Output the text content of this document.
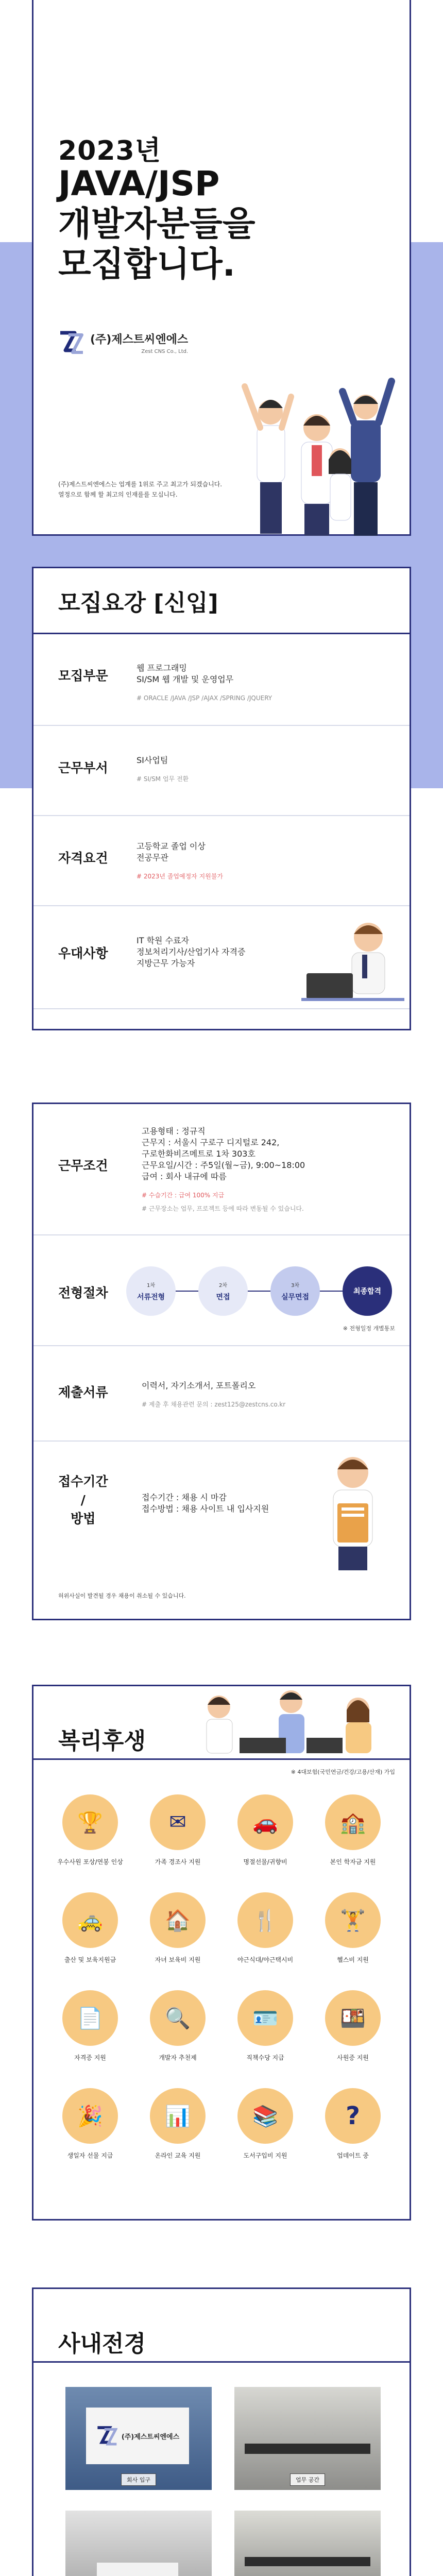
2023년
JAVA/JSP
개발자분들을
모집합니다.
(주)제스트씨엔에스
Zest CNS Co., Ltd.
(주)제스트씨엔에스는 업계를 1위로 주고 최고가 되겠습니다.
열정으로 함께 할 최고의 인재를를 모십니다.
모집요강 [신입]
모집부문
웹 프로그래밍
SI/SM 웹 개발 및 운영업무
# ORACLE /JAVA /JSP /AJAX /SPRING /JQUERY
근무부서
SI사업팀
# SI/SM 업무 전환
자격요건
고등학교 졸업 이상
전공무관
# 2023년 졸업예정자 지원불가
우대사항
IT 학원 수료자
정보처리기사/산업기사 자격증
지방근무 가능자
근무조건
고용형태 : 정규직
근무지 : 서울시 구로구 디지털로 242,
구로한화비즈메트로 1차 303호
근무요일/시간 : 주5일(월~금), 9:00~18:00
급여 : 회사 내규에 따름
# 수습기간 : 급여 100% 지급
# 근무장소는 업무, 프로젝트 등에 따라 변동될 수 있습니다.
전형절차	1차
서류전형
2차
면접
3차
실무면접
최종합격
※ 전형일정 개별통보
제출서류	이력서, 자기소개서, 포트폴리오
# 제출 후 채용관련 문의 : zest125@zestcns.co.kr
접수기간
/
방법
접수기간 : 채용 시 마감
접수방법 : 채용 사이트 내 입사지원
허위사실이 발견될 경우 채용이 취소될 수 있습니다.
복리후생
※ 4대보험(국민연금/건강/고용/산재) 가입
🏆
우수사원 포상/연봉 인상
✉
가족 경조사 지원
🚗
명절선물/귀향비
🏫
본인 학자금 지원
🚕
출산 및 보육지원금
🏠
자녀 보육비 지원
🍴
야근식대/야근택시비
🏋
헬스비 지원
📄
자격증 지원
🔍
개발자 추천제
🪪
직책수당 지급
🍱
사원증 지원
🎉
생일자 선물 지급
📊
온라인 교육 지원
📚
도서구입비 지원
?
업데이트 중
사내전경
(주)제스트씨엔에스
회사 입구	업무 공간
